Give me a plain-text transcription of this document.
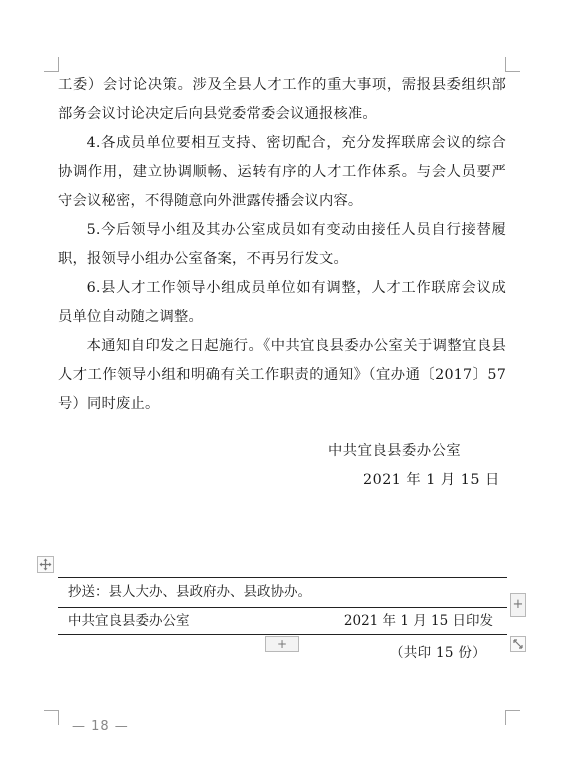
工委）会讨论决策。涉及全县人才工作的重大事项，需报县委组织部部务会议讨论决定后向县党委常委会议通报核准。

4.各成员单位要相互支持、密切配合，充分发挥联席会议的综合协调作用，建立协调顺畅、运转有序的人才工作体系。与会人员要严守会议秘密，不得随意向外泄露传播会议内容。

5.今后领导小组及其办公室成员如有变动由接任人员自行接替履职，报领导小组办公室备案，不再另行发文。

6.县人才工作领导小组成员单位如有调整，人才工作联席会议成员单位自动随之调整。

本通知自印发之日起施行。《中共宜良县委办公室关于调整宜良县人才工作领导小组和明确有关工作职责的通知》（宜办通〔2017〕57号）同时废止。

中共宜良县委办公室
2021 年 1 月 15 日
抄送：县人大办、县政府办、县政协办。
中共宜良县委办公室	2021 年 1 月 15 日印发
+
+
（共印 15 份）
— 18 —
